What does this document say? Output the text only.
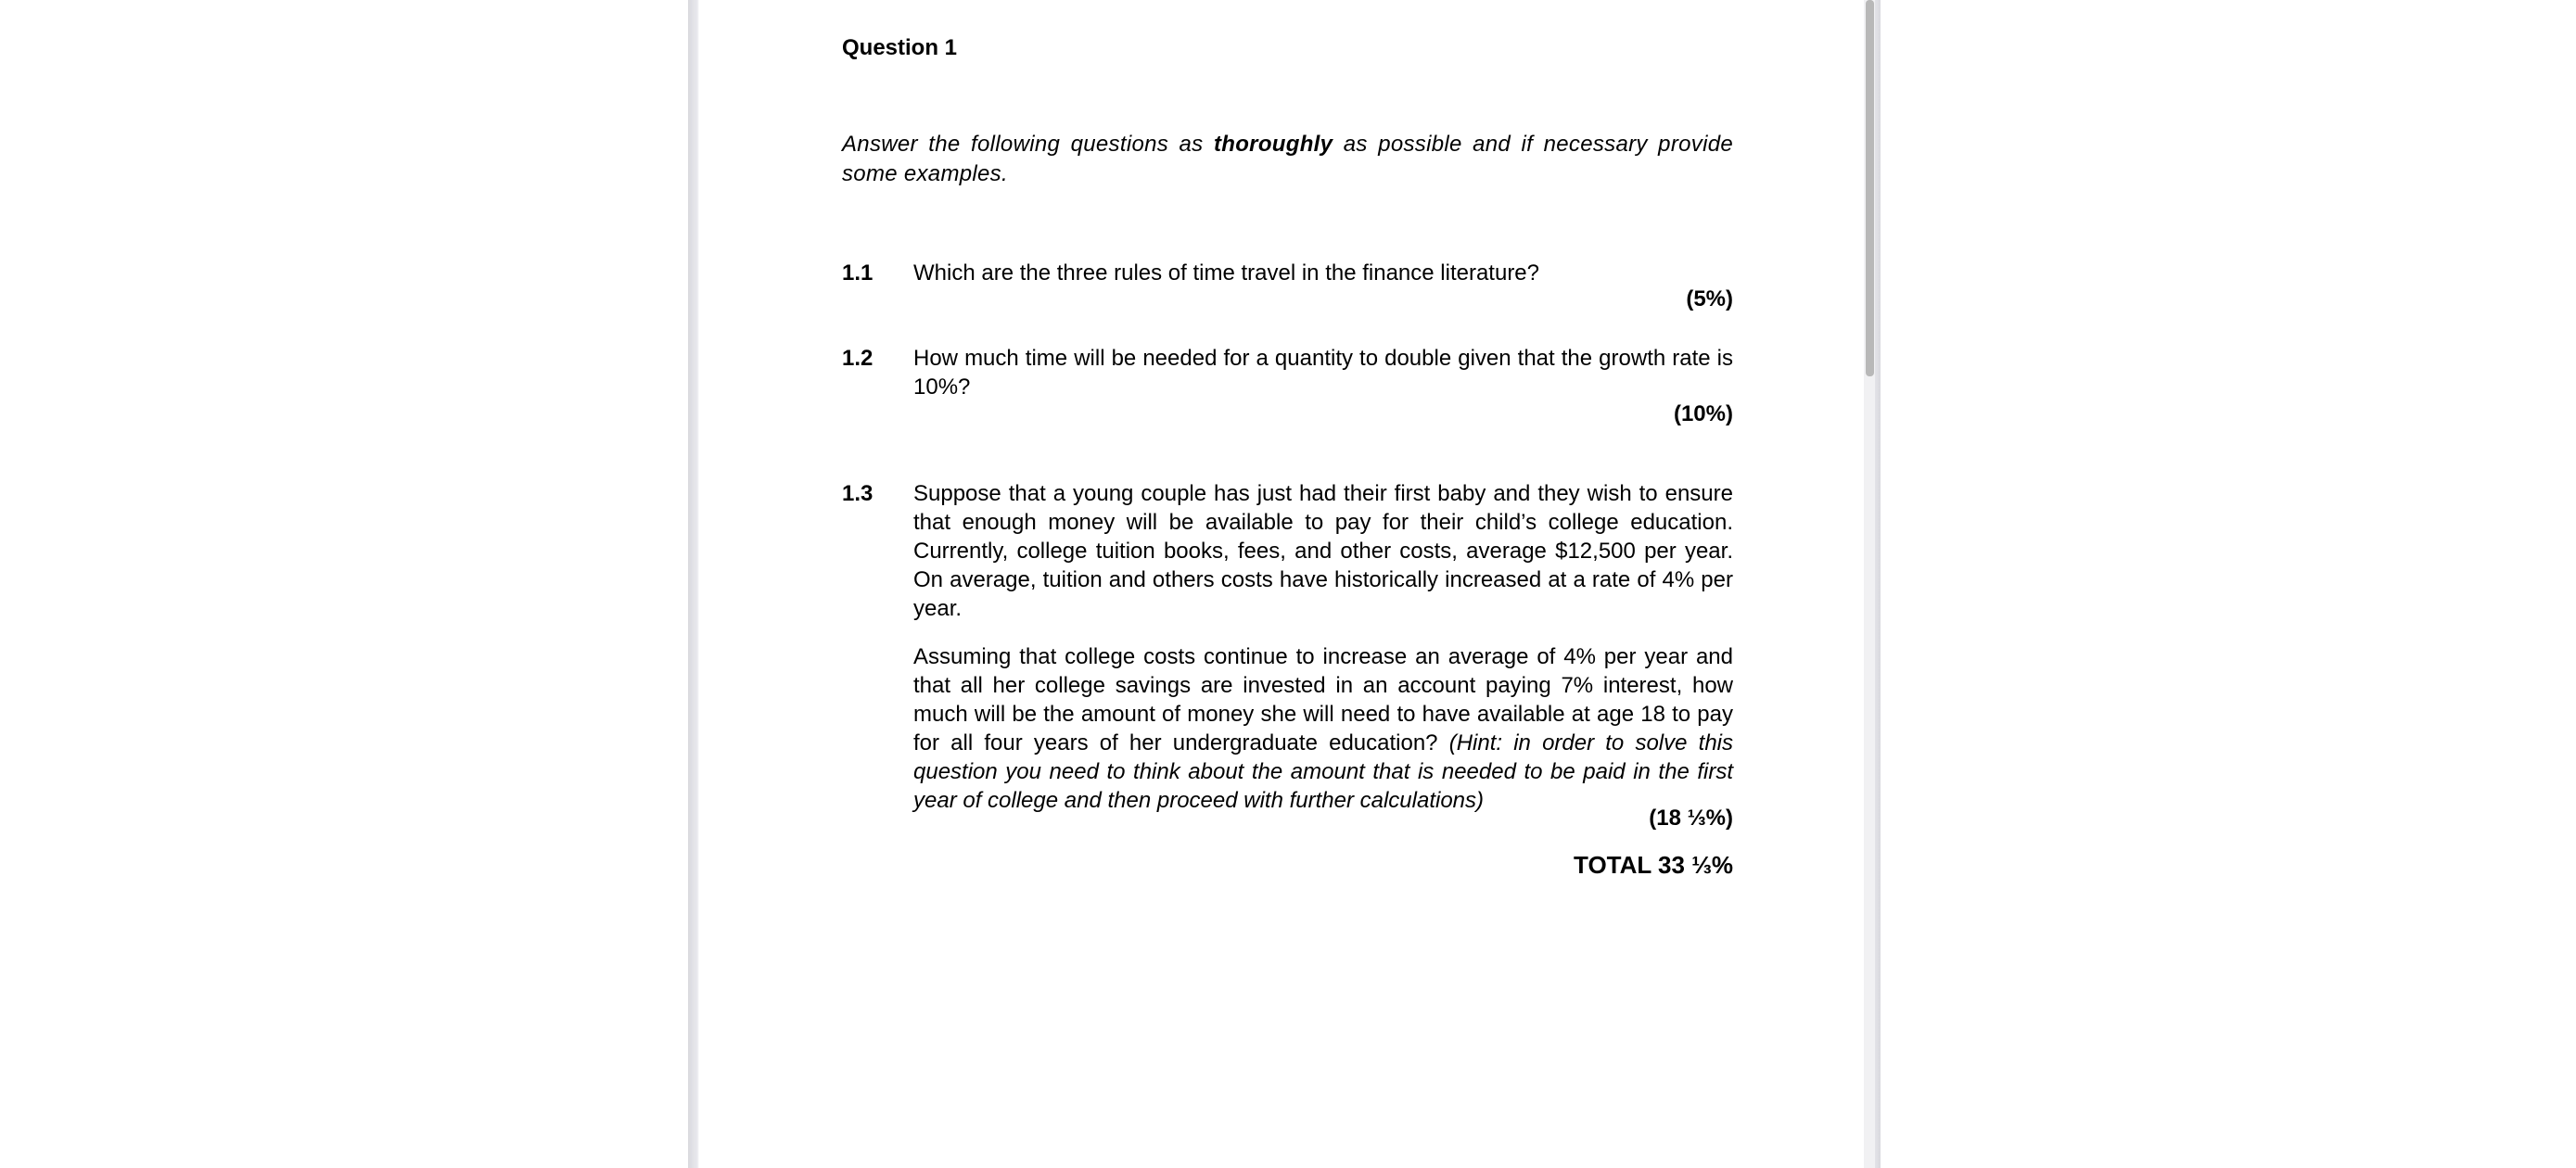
Question 1
Answer the following questions as thoroughly as possible and if necessary provide some examples.
1.1 Which are the three rules of time travel in the finance literature?
(5%)
1.2 How much time will be needed for a quantity to double given that the growth rate is 10%?
(10%)
1.3 Suppose that a young couple has just had their first baby and they wish to ensure that enough money will be available to pay for their child’s college education. Currently, college tuition books, fees, and other costs, average $12,500 per year. On average, tuition and others costs have historically increased at a rate of 4% per year.

Assuming that college costs continue to increase an average of 4% per year and that all her college savings are invested in an account paying 7% interest, how much will be the amount of money she will need to have available at age 18 to pay for all four years of her undergraduate education? (Hint: in order to solve this question you need to think about the amount that is needed to be paid in the first year of college and then proceed with further calculations)

(18 ⅓%)
TOTAL 33 ⅓%
